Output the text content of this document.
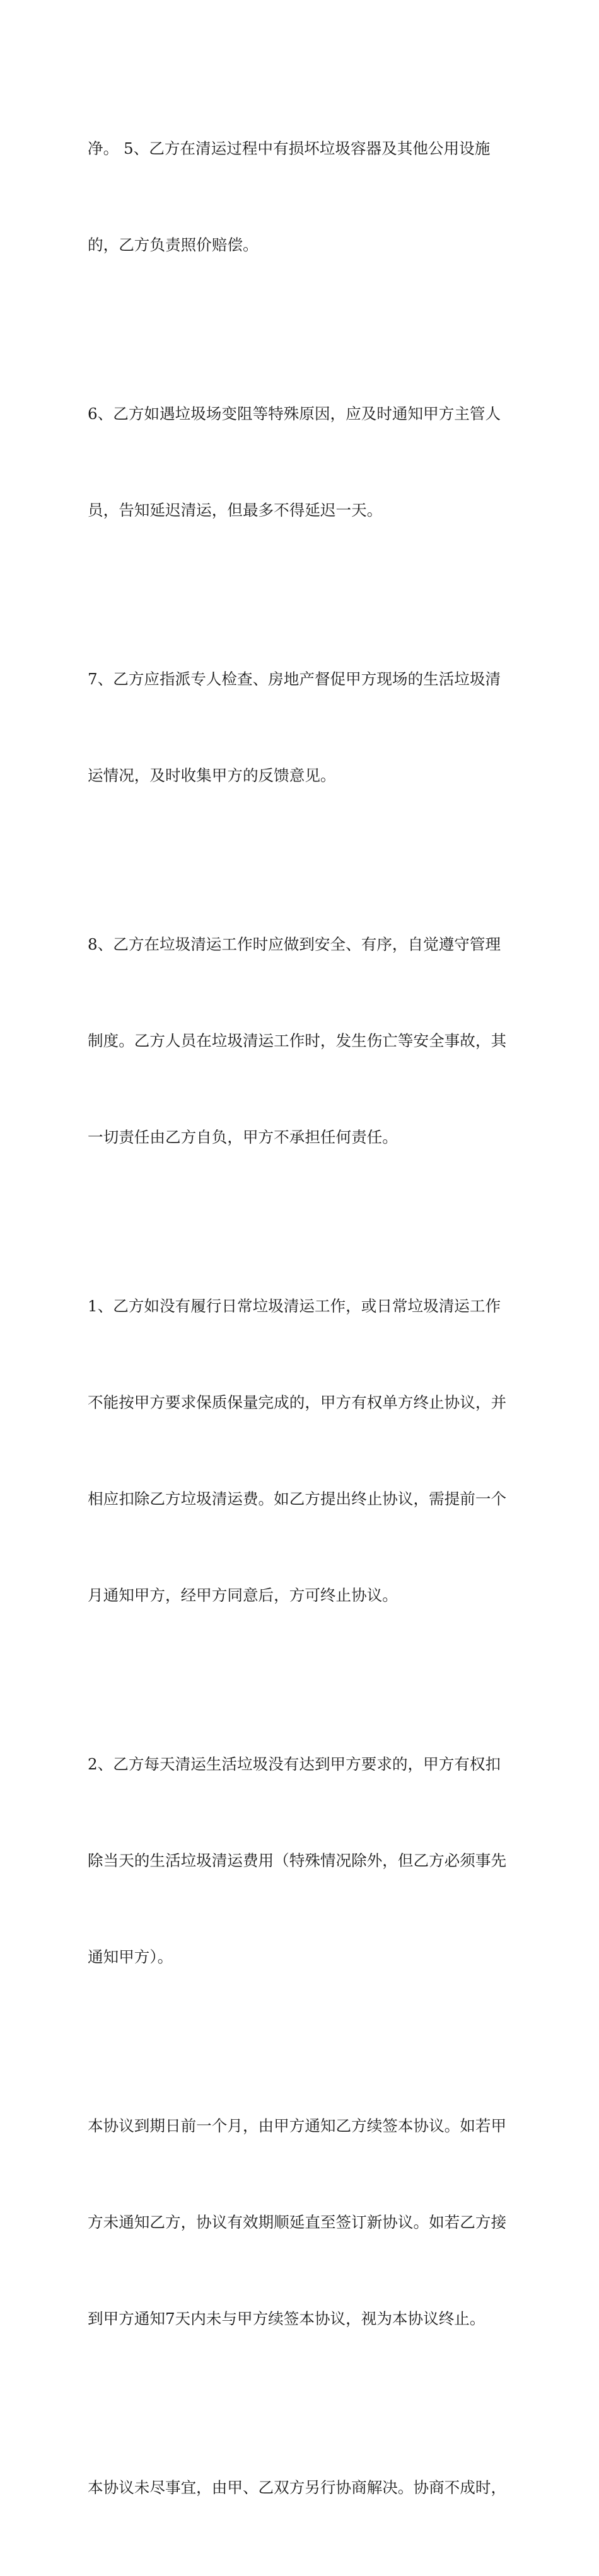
净。 5、乙方在清运过程中有损坏垃圾容器及其他公用设施

的，乙方负责照价赔偿。

6、乙方如遇垃圾场变阻等特殊原因，应及时通知甲方主管人

员，告知延迟清运，但最多不得延迟一天。

7、乙方应指派专人检查、房地产督促甲方现场的生活垃圾清

运情况，及时收集甲方的反馈意见。

8、乙方在垃圾清运工作时应做到安全、有序，自觉遵守管理

制度。乙方人员在垃圾清运工作时，发生伤亡等安全事故，其

一切责任由乙方自负，甲方不承担任何责任。

1、乙方如没有履行日常垃圾清运工作，或日常垃圾清运工作

不能按甲方要求保质保量完成的，甲方有权单方终止协议，并

相应扣除乙方垃圾清运费。如乙方提出终止协议，需提前一个

月通知甲方，经甲方同意后，方可终止协议。

2、乙方每天清运生活垃圾没有达到甲方要求的，甲方有权扣

除当天的生活垃圾清运费用（特殊情况除外，但乙方必须事先

通知甲方）。

本协议到期日前一个月，由甲方通知乙方续签本协议。如若甲

方未通知乙方，协议有效期顺延直至签订新协议。如若乙方接

到甲方通知7天内未与甲方续签本协议，视为本协议终止。

本协议未尽事宜，由甲、乙双方另行协商解决。协商不成时，
